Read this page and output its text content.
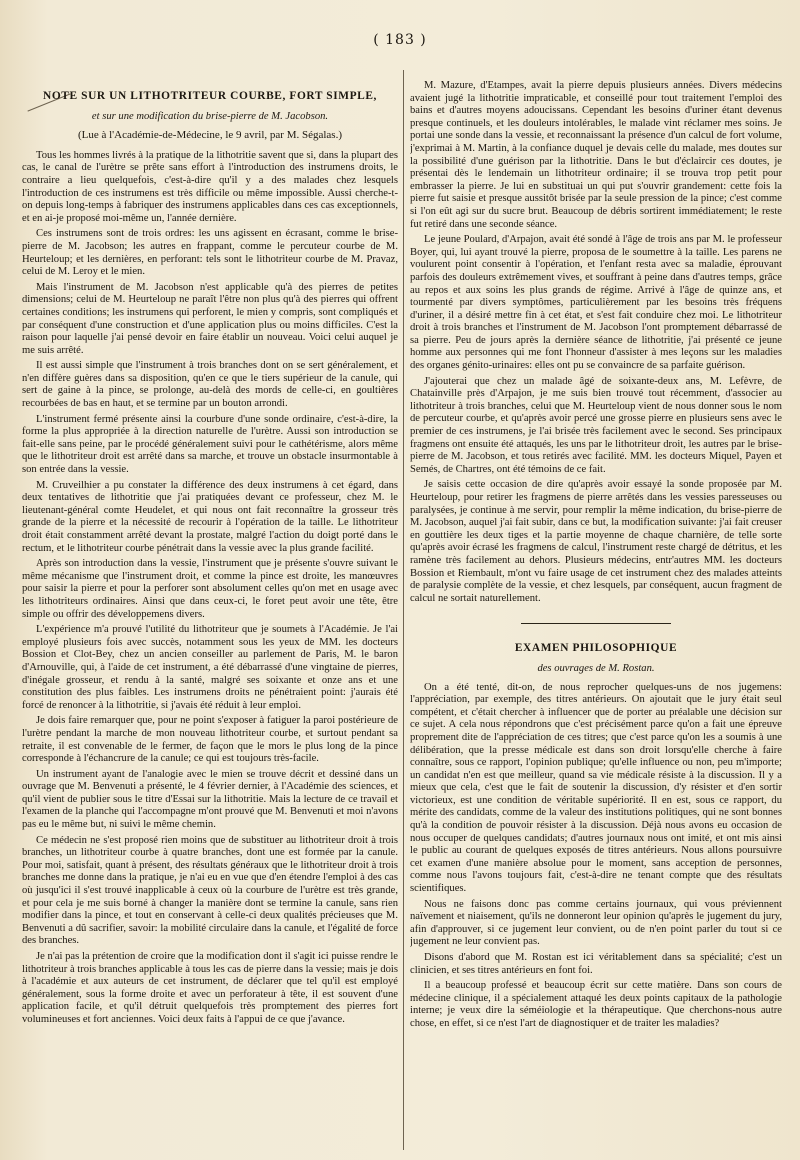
( 183 )
NOTE SUR UN LITHOTRITEUR COURBE, FORT SIMPLE,
et sur une modification du brise-pierre de M. Jacobson.
(Lue à l'Académie-de-Médecine, le 9 avril, par M. Ségalas.)

Tous les hommes livrés à la pratique de la lithotritie savent que si, dans la plupart des cas, le canal de l'urètre se prête sans effort à l'introduction des instrumens droits, le contraire a lieu quelquefois, c'est-à-dire qu'il y a des malades chez lesquels l'introduction de ces instrumens est très difficile ou même impossible. Aussi cherche-t-on depuis long-temps à fabriquer des instrumens applicables dans ces cas exceptionnels, et en ai-je proposé moi-même un, l'année dernière.

Ces instrumens sont de trois ordres: les uns agissent en écrasant, comme le brise-pierre de M. Jacobson; les autres en frappant, comme le percuteur courbe de M. Heurteloup; et les dernières, en perforant: tels sont le lithotriteur courbe de M. Pravaz, celui de M. Leroy et le mien.

Mais l'instrument de M. Jacobson n'est applicable qu'à des pierres de petites dimensions; celui de M. Heurteloup ne paraît l'être non plus qu'à des pierres qui offrent certaines conditions; les instrumens qui perforent, le mien y compris, sont compliqués et par conséquent d'une construction et d'une application plus ou moins difficiles. C'est la raison pour laquelle j'ai pensé devoir en faire établir un nouveau. Voici celui auquel je me suis arrêté.

Il est aussi simple que l'instrument à trois branches dont on se sert généralement, et n'en diffère guères dans sa disposition, qu'en ce que le tiers supérieur de la canule, qui sert de gaine à la pince, se prolonge, au-delà des mords de celle-ci, en goultières recourbées de bas en haut, et se termine par un bouton arrondi.

L'instrument fermé présente ainsi la courbure d'une sonde ordinaire, c'est-à-dire, la forme la plus appropriée à la direction naturelle de l'urètre. Aussi son introduction se fait-elle sans peine, par le procédé généralement suivi pour le cathétérisme, alors même que le lithotriteur droit est arrêté dans sa marche, et trouve un obstacle insurmontable à son entrée dans la vessie.

M. Cruveilhier a pu constater la différence des deux instrumens à cet égard, dans deux tentatives de lithotritie que j'ai pratiquées devant ce professeur, chez M. le lieutenant-général comte Heudelet, et qui nous ont fait reconnaître la grosseur très grande de la pierre et la nécessité de recourir à l'opération de la taille. Le lithotriteur droit était constamment arrêté devant la prostate, malgré l'action du doigt porté dans le rectum, et le lithotriteur courbe pénétrait dans la vessie avec la plus grande facilité.

Après son introduction dans la vessie, l'instrument que je présente s'ouvre suivant le même mécanisme que l'instrument droit, et comme la pince est droite, les manœuvres pour saisir la pierre et pour la perforer sont absolument celles qu'on met en usage avec les lithotriteurs ordinaires. Ainsi que dans ceux-ci, le foret peut avoir une tête, être simple ou offrir des développemens divers.

L'expérience m'a prouvé l'utilité du lithotriteur que je soumets à l'Académie. Je l'ai employé plusieurs fois avec succès, notamment sous les yeux de MM. les docteurs Bossion et Clot-Bey, chez un ancien conseiller au parlement de Paris, M. le baron d'Arnouville, qui, à l'aide de cet instrument, a été débarrassé d'une vingtaine de pierres, d'inégale grosseur, et rendu à la santé, malgré ses soixante et onze ans et une constitution des plus faibles. Les instrumens droits ne pénétraient point: j'aurais été forcé de renoncer à la lithotritie, si j'avais été réduit à leur emploi.

Je dois faire remarquer que, pour ne point s'exposer à fatiguer la paroi postérieure de l'urètre pendant la marche de mon nouveau lithotriteur courbe, et surtout pendant sa retraite, il est convenable de le fermer, de façon que le mors le plus long de la pince corresponde à l'échancrure de la canule; ce qui est toujours très-facile.

Un instrument ayant de l'analogie avec le mien se trouve décrit et dessiné dans un ouvrage que M. Benvenuti a présenté, le 4 février dernier, à l'Académie des sciences, et qu'il vient de publier sous le titre d'Essai sur la lithotritie. Mais la lecture de ce travail et l'examen de la planche qui l'accompagne m'ont prouvé que M. Benvenuti et moi n'avons pas eu le même but, ni suivi le même chemin.

Ce médecin ne s'est proposé rien moins que de substituer au lithotriteur droit à trois branches, un lithotriteur courbe à quatre branches, dont une est formée par la canule. Pour moi, satisfait, quant à présent, des résultats généraux que le lithotriteur droit à trois branches me donne dans la pratique, je n'ai eu en vue que d'en étendre l'emploi à des cas où jusqu'ici il s'est trouvé inapplicable à ceux où la courbure de l'urètre est très grande, et pour cela je me suis borné à changer la manière dont se termine la canule, sans rien modifier dans la pince, et tout en conservant à celle-ci deux qualités précieuses que M. Benvenuti a dû sacrifier, savoir: la mobilité circulaire dans la canule, et l'égalité de force des branches.

Je n'ai pas la prétention de croire que la modification dont il s'agit ici puisse rendre le lithotriteur à trois branches applicable à tous les cas de pierre dans la vessie; mais je dois à l'académie et aux auteurs de cet instrument, de déclarer que tel qu'il est employé généralement, sous la forme droite et avec un perforateur à tête, il est souvent d'une application facile, et qu'il détruit quelquefois très promptement des pierres fort volumineuses et fort anciennes. Voici deux faits à l'appui de ce que j'avance.

M. Mazure, d'Etampes, avait la pierre depuis plusieurs années. Divers médecins avaient jugé la lithotritie impraticable, et conseillé pour tout traitement l'emploi des bains et d'autres moyens adoucissans. Cependant les besoins d'uriner étant devenus presque continuels, et les douleurs intolérables, le malade vint réclamer mes soins. Je portai une sonde dans la vessie, et reconnaissant la présence d'un calcul de fort volume, j'exprimai à M. Martin, à la confiance duquel je devais celle du malade, mes doutes sur la possibilité d'une guérison par la lithotritie. Dans le but d'éclaircir ces doutes, je présentai dès le lendemain un lithotriteur ordinaire; il se trouva trop petit pour embrasser la pierre. Je lui en substituai un qui put s'ouvrir grandement: cette fois la pierre fut saisie et presque aussitôt brisée par la seule pression de la pince; c'est comme si l'on eût agi sur du sucre brut. Beaucoup de débris sortirent immédiatement; le reste fut retiré dans une seconde séance.

Le jeune Poulard, d'Arpajon, avait été sondé à l'âge de trois ans par M. le professeur Boyer, qui, lui ayant trouvé la pierre, proposa de le soumettre à la taille. Les parens ne voulurent point consentir à l'opération, et l'enfant resta avec sa maladie, éprouvant parfois des douleurs extrêmement vives, et souffrant à peine dans d'autres temps, grâce au repos et aux soins les plus grands de régime. Arrivé à l'âge de quinze ans, et tourmenté par divers symptômes, particulièrement par les besoins très fréquens d'uriner, il a désiré mettre fin à cet état, et s'est fait conduire chez moi. Le lithotriteur droit à trois branches et l'instrument de M. Jacobson l'ont promptement débarrassé de sa pierre. Peu de jours après la dernière séance de lithotritie, j'ai présenté ce jeune homme aux personnes qui me font l'honneur d'assister à mes leçons sur les maladies des organes génito-urinaires: elles ont pu se convaincre de sa parfaite guérison.

J'ajouterai que chez un malade âgé de soixante-deux ans, M. Lefèvre, de Chatainville près d'Arpajon, je me suis bien trouvé tout récemment, d'associer au lithotriteur à trois branches, celui que M. Heurteloup vient de nous donner sous le nom de percuteur courbe, et qu'après avoir percé une grosse pierre en plusieurs sens avec le premier de ces instrumens, je l'ai brisée très facilement avec le second. Ses principaux fragmens ont ensuite été attaqués, les uns par le lithotriteur droit, les autres par le brise-pierre de M. Jacobson, et tous retirés avec facilité. MM. les docteurs Miquel, Payen et Semés, de Chartres, ont été témoins de ce fait.

Je saisis cette occasion de dire qu'après avoir essayé la sonde proposée par M. Heurteloup, pour retirer les fragmens de pierre arrêtés dans les vessies paresseuses ou paralysées, je continue à me servir, pour remplir la même indication, du brise-pierre de M. Jacobson, auquel j'ai fait subir, dans ce but, la modification suivante: j'ai fait creuser en gouttière les deux tiges et la partie moyenne de chaque charnière, de telle sorte qu'après avoir écrasé les fragmens de calcul, l'instrument reste chargé de détritus, et les ramène très facilement au dehors. Plusieurs médecins, entr'autres MM. les docteurs Bossion et Riembault, m'ont vu faire usage de cet instrument chez des malades atteints de paralysie complète de la vessie, et chez lesquels, par conséquent, aucun fragment de calcul ne sortait naturellement.

EXAMEN PHILOSOPHIQUE
des ouvrages de M. Rostan.

On a été tenté, dit-on, de nous reprocher quelques-uns de nos jugemens: l'appréciation, par exemple, des titres antérieurs. On ajoutait que le jury était seul compétent, et c'était chercher à influencer que de porter au préalable une décision sur ce sujet. A cela nous répondrons que c'est précisément parce qu'on a fait une épreuve proprement dite de l'appréciation de ces titres; que c'est parce qu'on les a soumis à une délibération, que la presse médicale est dans son droit lorsqu'elle cherche à faire connaître, sous ce rapport, l'opinion publique; qu'elle influence ou non, peu m'importe; un candidat n'en est que meilleur, quand sa vie médicale résiste à la discussion. Il y a mieux que cela, c'est que le fait de soutenir la discussion, d'y résister et d'en sortir victorieux, est une condition de véritable supériorité. Il en est, sous ce rapport, du mérite des candidats, comme de la valeur des institutions politiques, qui ne sont bonnes qu'à la condition de pouvoir résister à la discussion. Déjà nous avons eu occasion de nous occuper de quelques candidats; d'autres journaux nous ont imité, et ont mis ainsi le public au courant de quelques exposés de titres antérieurs. Nous allons poursuivre cet examen d'une manière absolue pour le moment, sans acception de personnes, comme nous l'avons toujours fait, c'est-à-dire ne tenant compte que des résultats scientifiques.

Nous ne faisons donc pas comme certains journaux, qui vous préviennent naïvement et niaisement, qu'ils ne donneront leur opinion qu'après le jugement du jury, afin d'approuver, si ce jugement leur convient, ou de n'en point parler du tout si ce jugement ne leur convient pas.

Disons d'abord que M. Rostan est ici véritablement dans sa spécialité; c'est un clinicien, et ses titres antérieurs en font foi.

Il a beaucoup professé et beaucoup écrit sur cette matière. Dans son cours de médecine clinique, il a spécialement attaqué les deux points capitaux de la pathologie interne; je veux dire la séméiologie et la thérapeutique. Que cherchons-nous autre chose, en effet, si ce n'est l'art de diagnostiquer et de traiter les maladies?
